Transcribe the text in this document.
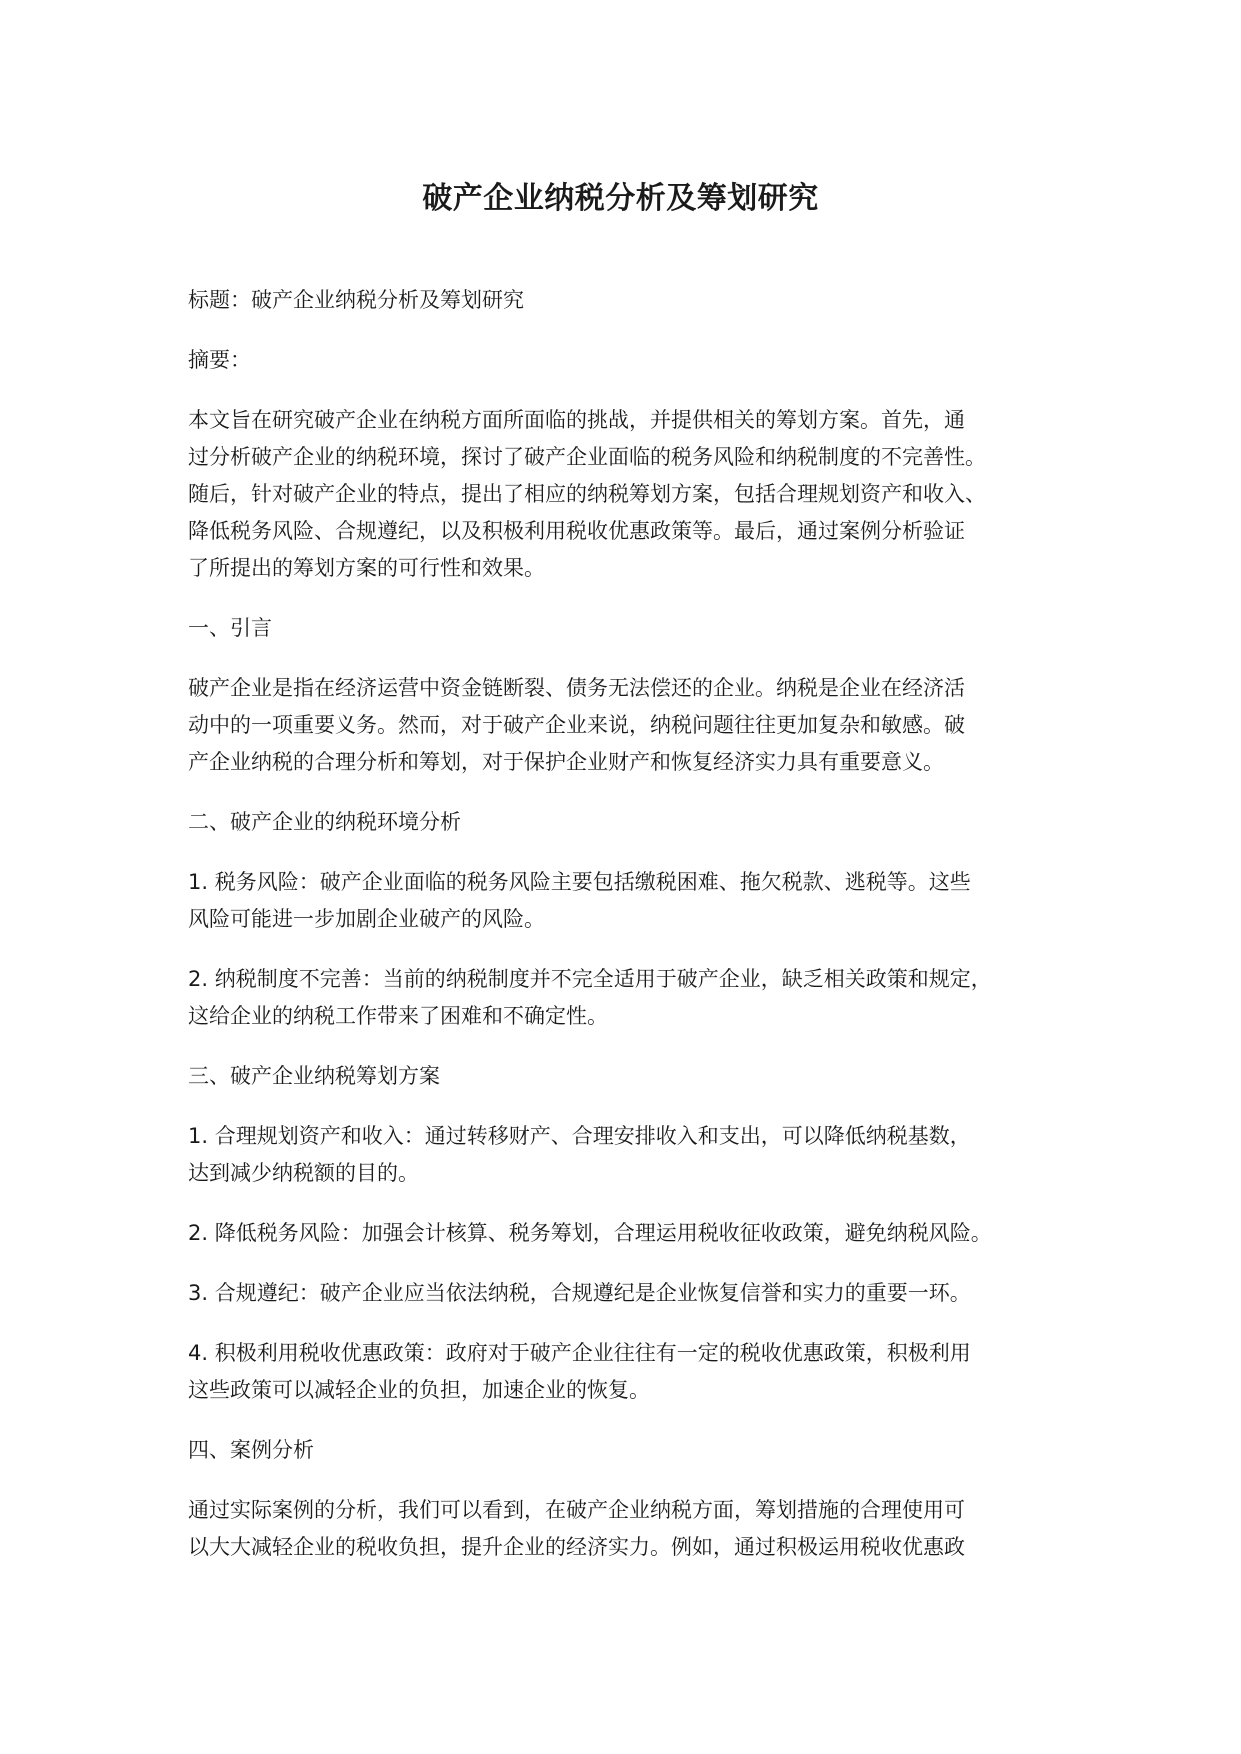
破产企业纳税分析及筹划研究

标题：破产企业纳税分析及筹划研究

摘要：

本文旨在研究破产企业在纳税方面所面临的挑战，并提供相关的筹划方案。首先，通
过分析破产企业的纳税环境，探讨了破产企业面临的税务风险和纳税制度的不完善性。
随后，针对破产企业的特点，提出了相应的纳税筹划方案，包括合理规划资产和收入、
降低税务风险、合规遵纪，以及积极利用税收优惠政策等。最后，通过案例分析验证
了所提出的筹划方案的可行性和效果。

一、引言

破产企业是指在经济运营中资金链断裂、债务无法偿还的企业。纳税是企业在经济活
动中的一项重要义务。然而，对于破产企业来说，纳税问题往往更加复杂和敏感。破
产企业纳税的合理分析和筹划，对于保护企业财产和恢复经济实力具有重要意义。

二、破产企业的纳税环境分析

1. 税务风险：破产企业面临的税务风险主要包括缴税困难、拖欠税款、逃税等。这些
风险可能进一步加剧企业破产的风险。

2. 纳税制度不完善：当前的纳税制度并不完全适用于破产企业，缺乏相关政策和规定，
这给企业的纳税工作带来了困难和不确定性。

三、破产企业纳税筹划方案

1. 合理规划资产和收入：通过转移财产、合理安排收入和支出，可以降低纳税基数，
达到减少纳税额的目的。

2. 降低税务风险：加强会计核算、税务筹划，合理运用税收征收政策，避免纳税风险。

3. 合规遵纪：破产企业应当依法纳税，合规遵纪是企业恢复信誉和实力的重要一环。

4. 积极利用税收优惠政策：政府对于破产企业往往有一定的税收优惠政策，积极利用
这些政策可以减轻企业的负担，加速企业的恢复。

四、案例分析

通过实际案例的分析，我们可以看到，在破产企业纳税方面，筹划措施的合理使用可
以大大减轻企业的税收负担，提升企业的经济实力。例如，通过积极运用税收优惠政
